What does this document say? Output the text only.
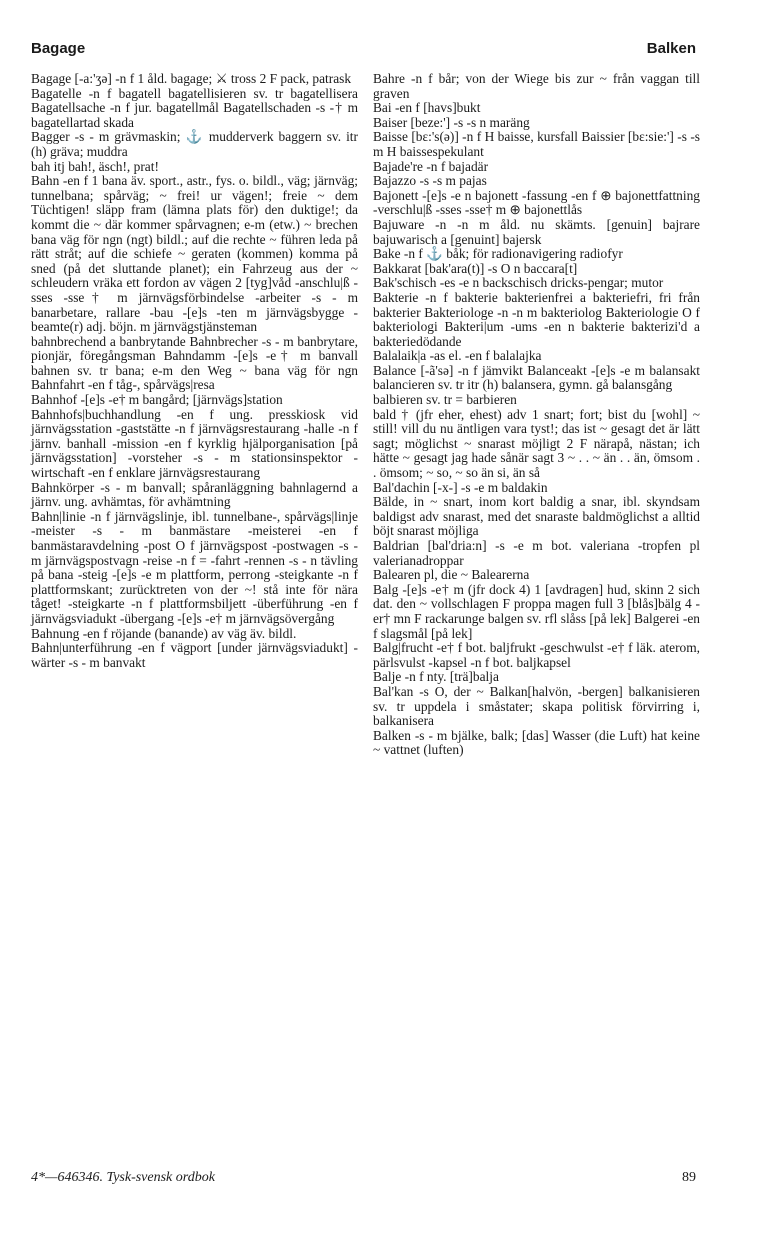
Bagage	Balken

Bagage [-a:'ʒə] -n f 1 åld. bagage; ⚔ tross 2 F pack, patrask

Bagatelle -n f bagatell bagatellisieren sv. tr bagatellisera Bagatellsache -n f jur. bagatellmål Bagatellschaden -s -† m bagatellartad skada

Bagger -s - m grävmaskin; ⚓ mudderverk baggern sv. itr (h) gräva; muddra

bah itj bah!, äsch!, prat!

Bahn -en f 1 bana äv. sport., astr., fys. o. bildl., väg; järnväg; tunnelbana; spårväg; ~ frei! ur vägen!; freie ~ dem Tüchtigen! släpp fram (lämna plats för) den duktige!; da kommt die ~ där kommer spårvagnen; e-m (etw.) ~ brechen bana väg för ngn (ngt) bildl.; auf die rechte ~ führen leda på rätt stråt; auf die schiefe ~ geraten (kommen) komma på sned (på det sluttande planet); ein Fahrzeug aus der ~ schleudern vräka ett fordon av vägen 2 [tyg]våd -anschlu|ß -sses -sse† m järnvägsförbindelse -arbeiter -s - m banarbetare, rallare -bau -[e]s -ten m järnvägsbygge -beamte(r) adj. böjn. m järnvägstjänsteman

bahnbrechend a banbrytande Bahnbrecher -s - m banbrytare, pionjär, föregångsman Bahndamm -[e]s -e† m banvall bahnen sv. tr bana; e-m den Weg ~ bana väg för ngn Bahnfahrt -en f tåg-, spårvägs|resa

Bahnhof -[e]s -e† m bangård; [järnvägs]station

Bahnhofs|buchhandlung -en f ung. presskiosk vid järnvägsstation -gaststätte -n f järnvägsrestaurang -halle -n f järnv. banhall -mission -en f kyrklig hjälporganisation [på järnvägsstation] -vorsteher -s - m stationsinspektor -wirtschaft -en f enklare järnvägsrestaurang

Bahnkörper -s - m banvall; spåranläggning bahnlagernd a järnv. ung. avhämtas, för avhämtning

Bahn|linie -n f järnvägslinje, ibl. tunnelbane-, spårvägs|linje -meister -s - m banmästare -meisterei -en f banmästaravdelning -post O f järnvägspost -postwagen -s - m järnvägspostvagn -reise -n f = -fahrt -rennen -s - n tävling på bana -steig -[e]s -e m plattform, perrong -steigkante -n f plattformskant; zurücktreten von der ~! stå inte för nära tåget! -steigkarte -n f plattformsbiljett -überführung -en f järnvägsviadukt -übergang -[e]s -e† m järnvägsövergång

Bahnung -en f röjande (banande) av väg äv. bildl.

Bahn|unterführung -en f vägport [under järnvägsviadukt] -wärter -s - m banvakt

Bahre -n f bår; von der Wiege bis zur ~ från vaggan till graven

Bai -en f [havs]bukt

Baiser [beze:'] -s -s n maräng

Baisse [bɛ:'s(ə)] -n f H baisse, kursfall Baissier [bɛ:sie:'] -s -s m H baissespekulant

Bajade're -n f bajadär

Bajazzo -s -s m pajas

Bajonett -[e]s -e n bajonett -fassung -en f ⊕ bajonettfattning -verschlu|ß -sses -sse† m ⊕ bajonettlås

Bajuware -n -n m åld. nu skämts. [genuin] bajrare bajuwarisch a [genuint] bajersk

Bake -n f ⚓ båk; för radionavigering radiofyr

Bakkarat [bak'ara(t)] -s O n baccara[t]

Bak'schisch -es -e n backschisch dricks-pengar; mutor

Bakterie -n f bakterie bakterienfrei a bakteriefri, fri från bakterier Bakteriologe -n -n m bakteriolog Bakteriologie O f bakteriologi Bakteri|um -ums -en n bakterie bakterizi'd a bakteriedödande

Balalaik|a -as el. -en f balalajka

Balance [-ã'sə] -n f jämvikt Balanceakt -[e]s -e m balansakt balancieren sv. tr itr (h) balansera, gymn. gå balansgång

balbieren sv. tr = barbieren

bald † (jfr eher, ehest) adv 1 snart; fort; bist du [wohl] ~ still! vill du nu äntligen vara tyst!; das ist ~ gesagt det är lätt sagt; möglichst ~ snarast möjligt 2 F närapå, nästan; ich hätte ~ gesagt jag hade sånär sagt 3 ~ . . ~ än . . än, ömsom . . ömsom; ~ so, ~ so än si, än så

Bal'dachin [-x-] -s -e m baldakin

Bälde, in ~ snart, inom kort baldig a snar, ibl. skyndsam baldigst adv snarast, med det snaraste baldmöglichst a alltid böjt snarast möjliga

Baldrian [bal'dria:n] -s -e m bot. valeriana -tropfen pl valerianadroppar

Balearen pl, die ~ Balearerna

Balg -[e]s -e† m (jfr dock 4) 1 [avdragen] hud, skinn 2 sich dat. den ~ vollschlagen F proppa magen full 3 [blås]bälg 4 -er† mn F rackarunge balgen sv. rfl slåss [på lek] Balgerei -en f slagsmål [på lek]

Balg|frucht -e† f bot. baljfrukt -geschwulst -e† f läk. aterom, pärlsvulst -kapsel -n f bot. baljkapsel

Balje -n f nty. [trä]balja

Bal'kan -s O, der ~ Balkan[halvön, -bergen] balkanisieren sv. tr uppdela i småstater; skapa politisk förvirring i, balkanisera

Balken -s - m bjälke, balk; [das] Wasser (die Luft) hat keine ~ vattnet (luften)

4*—646346. Tysk-svensk ordbok	89
